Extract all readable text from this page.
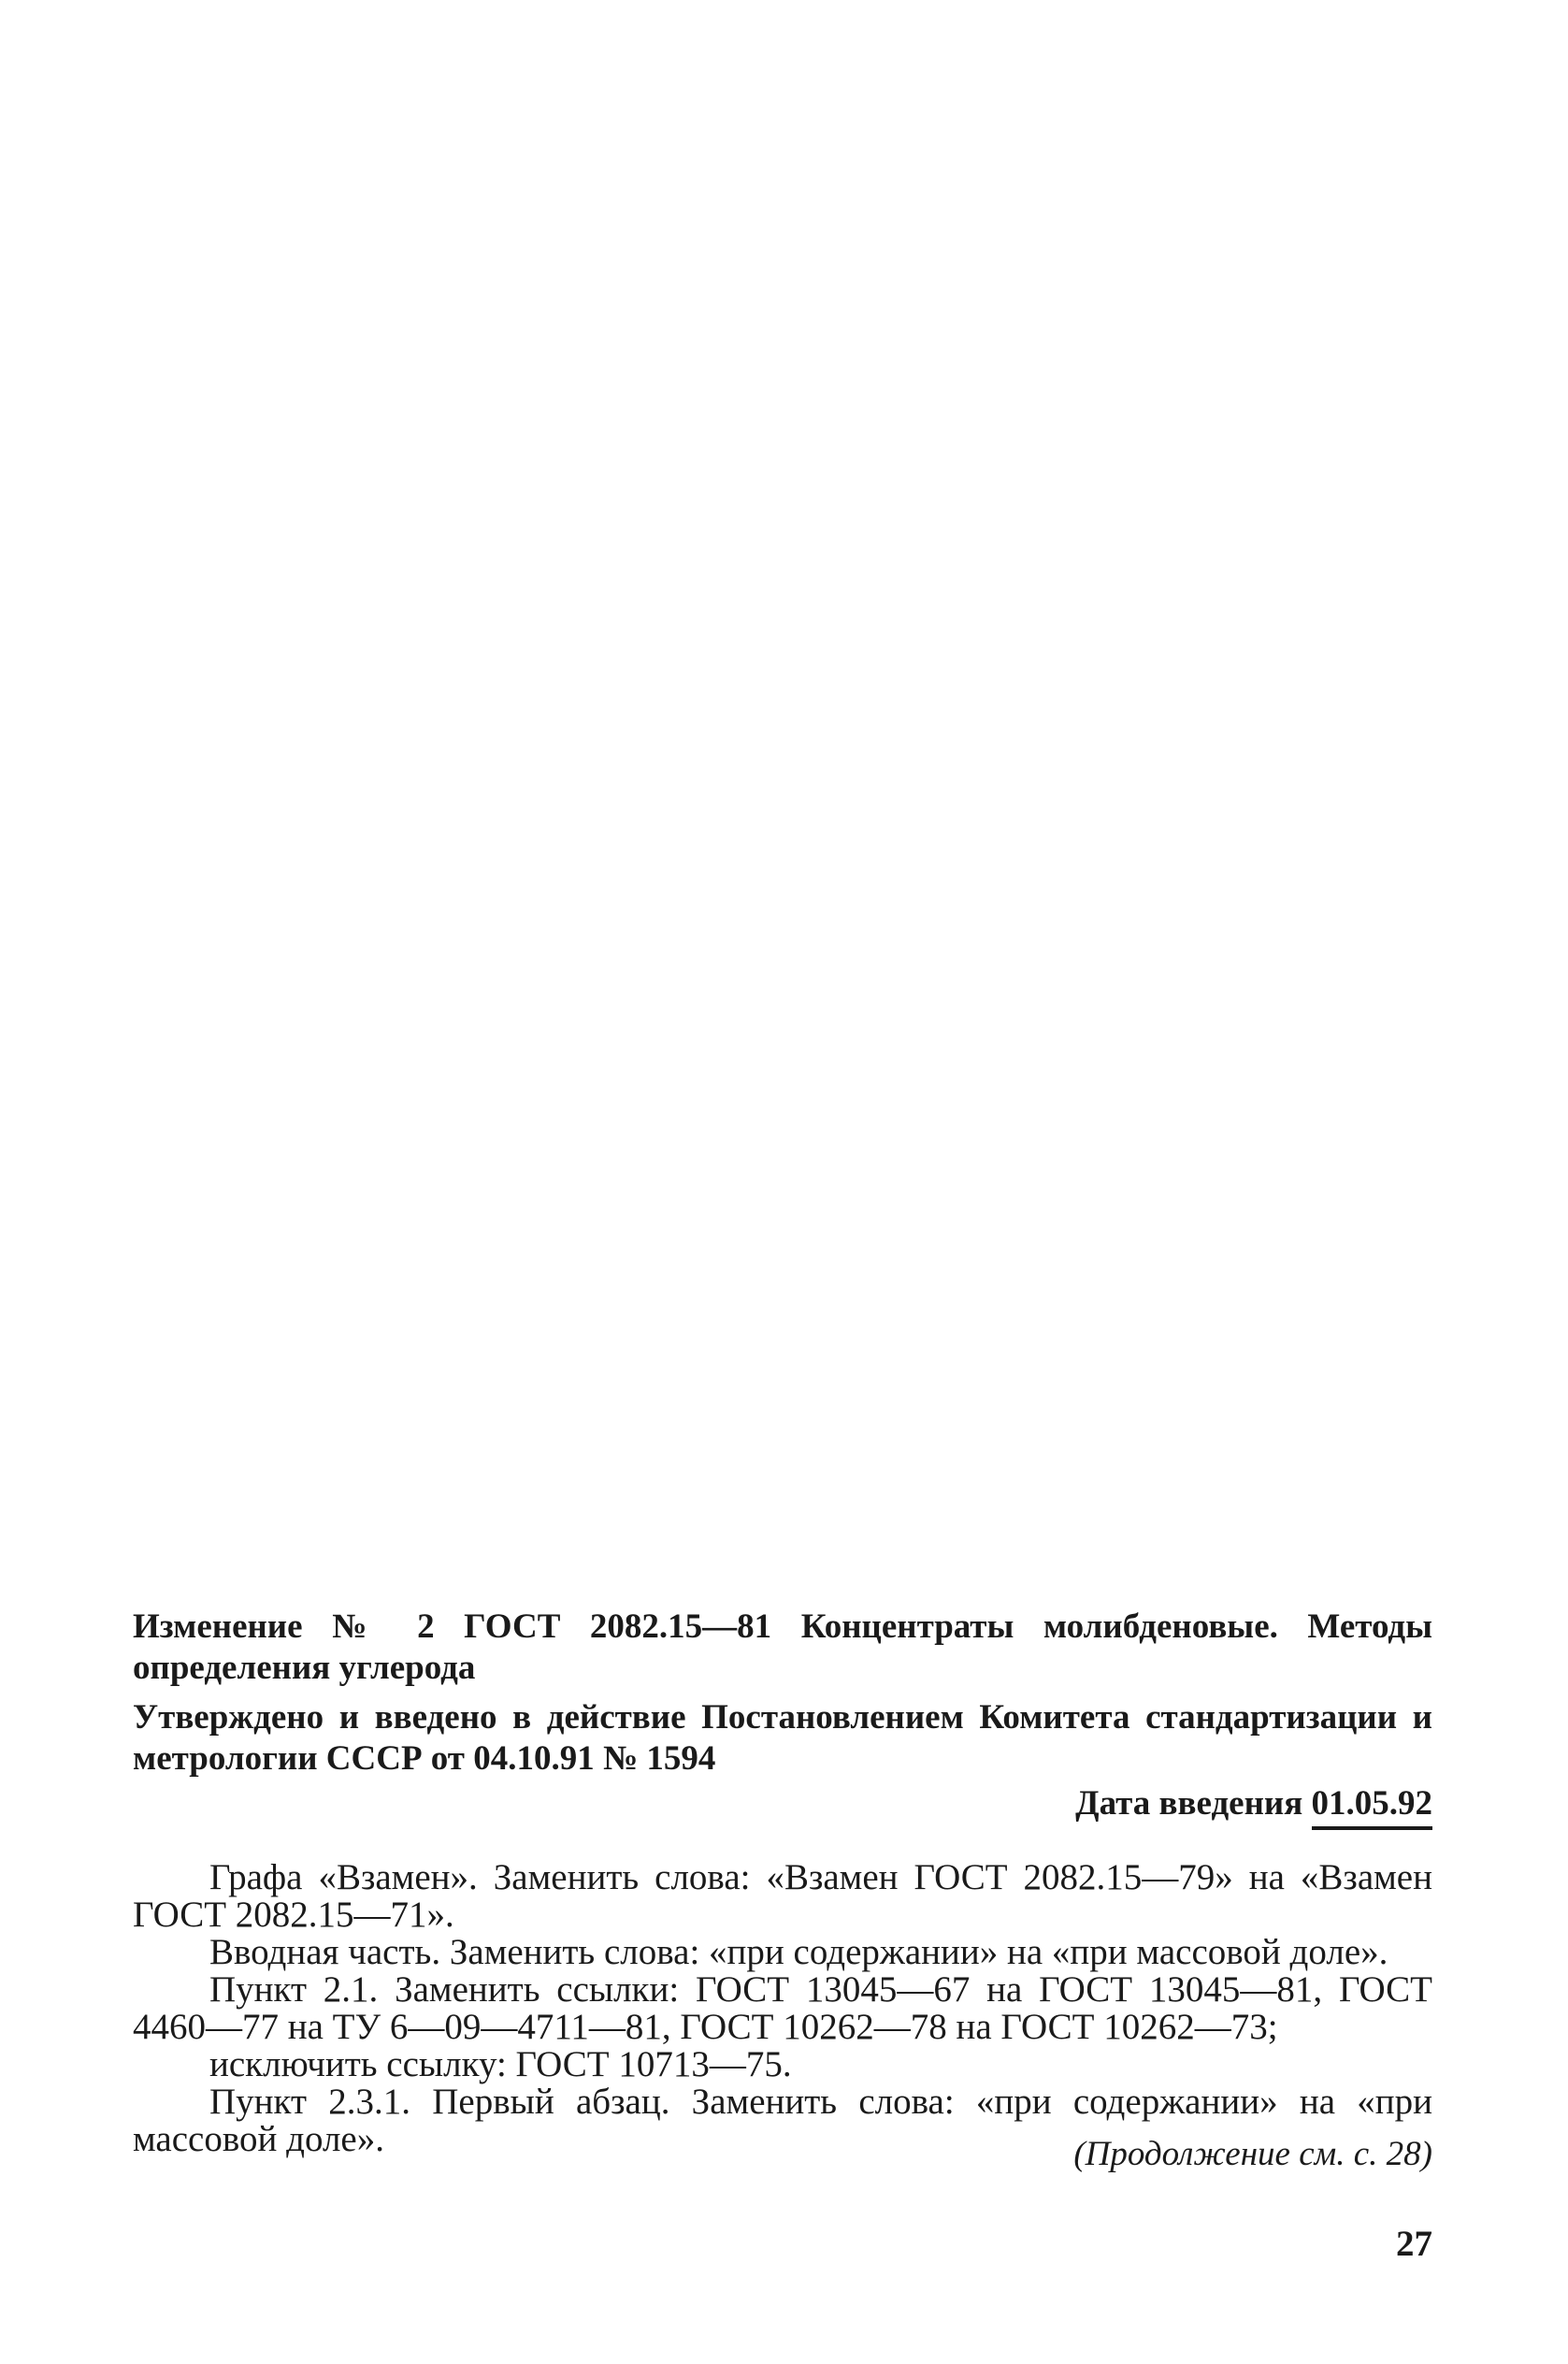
Изменение № 2 ГОСТ 2082.15—81 Концентраты молибденовые. Методы определения углерода
Утверждено и введено в действие Постановлением Комитета стандартизации и метрологии СССР от 04.10.91 № 1594
Дата введения 01.05.92

Графа «Взамен». Заменить слова: «Взамен ГОСТ 2082.15—79» на «Взамен ГОСТ 2082.15—71».

Вводная часть. Заменить слова: «при содержании» на «при массовой доле».

Пункт 2.1. Заменить ссылки: ГОСТ 13045—67 на ГОСТ 13045—81, ГОСТ 4460—77 на ТУ 6—09—4711—81, ГОСТ 10262—78 на ГОСТ 10262—73;

исключить ссылку: ГОСТ 10713—75.

Пункт 2.3.1. Первый абзац. Заменить слова: «при содержании» на «при массовой доле».	(Продолжение см. с. 28)
27
